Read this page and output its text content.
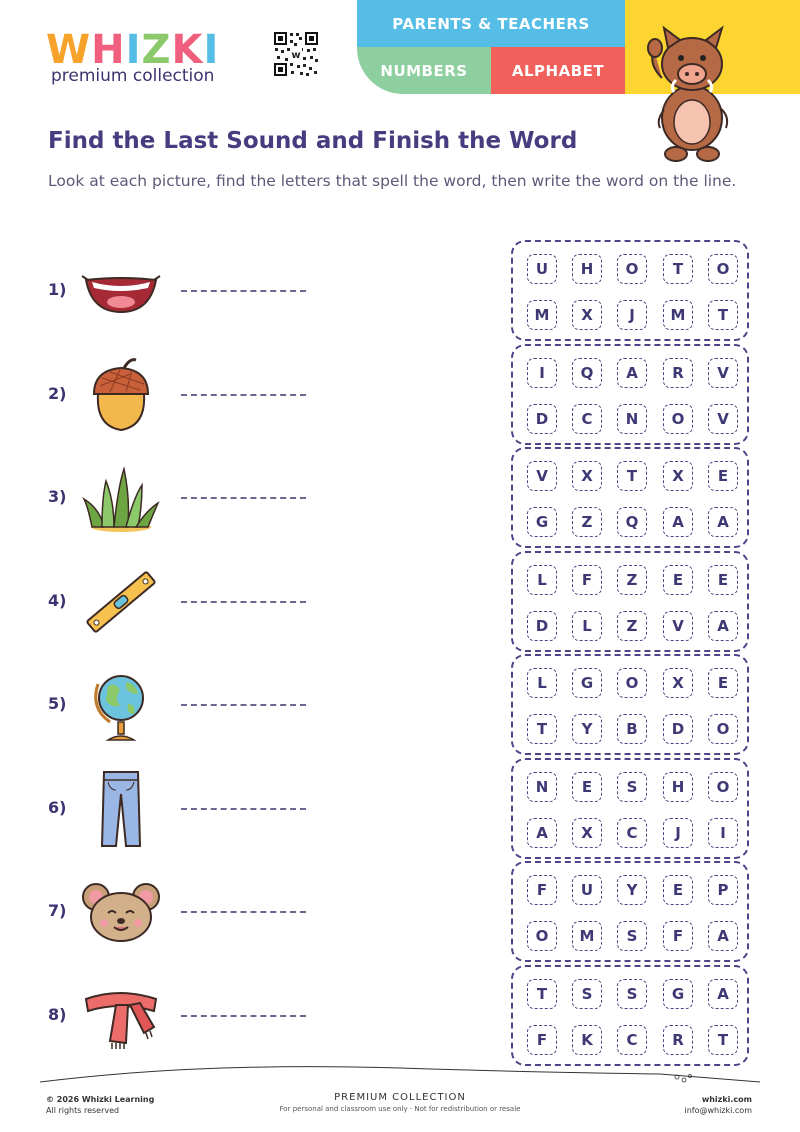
WHIZKI
premium collection
w
PARENTS & TEACHERS
NUMBERS	ALPHABET
Find the Last Sound and Finish the Word

Look at each picture, find the letters that spell the word, then write the word on the line.

1)
U	H	O	T	O
M	X	J	M	T
2)
I	Q	A	R	V
D	C	N	O	V
3)
V	X	T	X	E
G	Z	Q	A	A
4)
L	F	Z	E	E
D	L	Z	V	A
5)
L	G	O	X	E
T	Y	B	D	O
6)
N	E	S	H	O
A	X	C	J	I
7)
F	U	Y	E	P
O	M	S	F	A
8)
T	S	S	G	A
F	K	C	R	T
© 2026 Whizki Learning
All rights reserved
PREMIUM COLLECTION
For personal and classroom use only · Not for redistribution or resale
whizki.com
info@whizki.com
